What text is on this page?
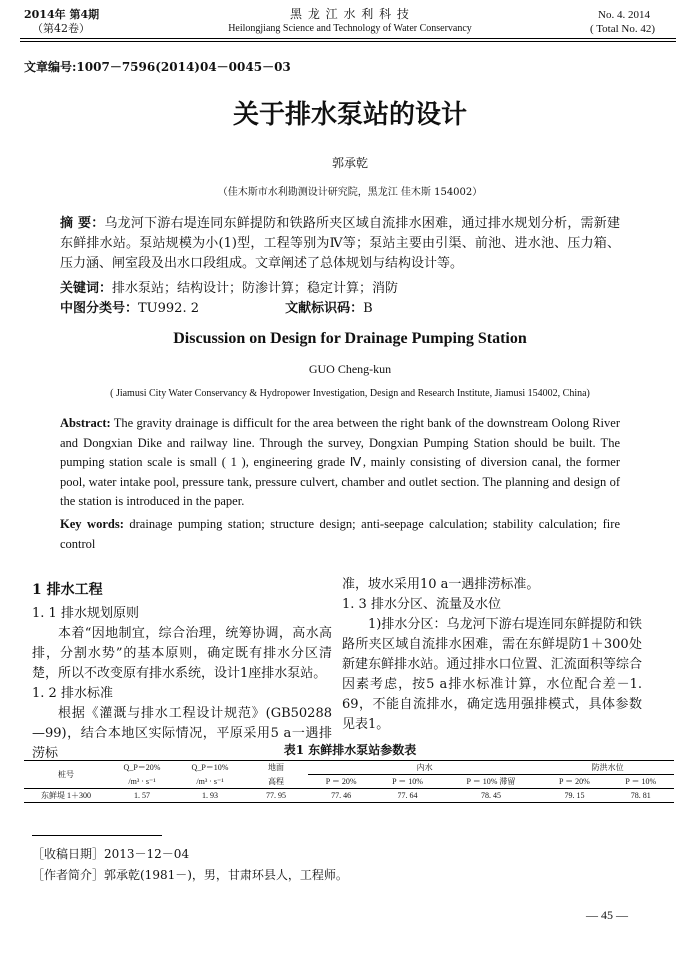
2014年 第4期
（第42卷）
黑 龙 江 水 利 科 技
Heilongjiang Science and Technology of Water Conservancy
No. 4. 2014
( Total No. 42)
文章编号:1007－7596(2014)04－0045－03
关于排水泵站的设计
郭承乾
（佳木斯市水利勘测设计研究院，黑龙江 佳木斯 154002）
摘 要：乌龙河下游右堤连同东鲜提防和铁路所夹区域自流排水困难，通过排水规划分析，需新建东鲜排水站。泵站规模为小(1)型，工程等别为Ⅳ等；泵站主要由引渠、前池、进水池、压力箱、压力涵、闸室段及出水口段组成。文章阐述了总体规划与结构设计等。
关键词：排水泵站；结构设计；防渗计算；稳定计算；消防
中图分类号：TU992. 2	文献标识码：B
Discussion on Design for Drainage Pumping Station
GUO Cheng-kun
( Jiamusi City Water Conservancy & Hydropower Investigation, Design and Research Institute, Jiamusi 154002, China)
Abstract: The gravity drainage is difficult for the area between the right bank of the downstream Oolong River and Dongxian Dike and railway line. Through the survey, Dongxian Pumping Station should be built. The pumping station scale is small ( 1 ), engineering grade Ⅳ, mainly consisting of diversion canal, the former pool, water intake pool, pressure tank, pressure culvert, chamber and outlet section. The planning and design of the station is introduced in the paper.
Key words: drainage pumping station; structure design; anti-seepage calculation; stability calculation; fire control
1 排水工程
1. 1 排水规划原则
本着“因地制宜，综合治理，统筹协调，高水高排，分割水势”的基本原则，确定既有排水分区清楚，所以不改变原有排水系统，设计1座排水泵站。
1. 2 排水标准
根据《灌溉与排水工程设计规范》(GB50288—99)，结合本地区实际情况，平原采用5 a一遇排涝标
准，坡水采用10 a一遇排涝标准。
1. 3 排水分区、流量及水位
1)排水分区：乌龙河下游右堤连同东鲜提防和铁路所夹区域自流排水困难，需在东鲜堤防1＋300处新建东鲜排水站。通过排水口位置、汇流面积等综合因素考虑，按5 a排水标准计算，水位配合差－1. 69，不能自流排水，确定选用强排模式，具体参数见表1。
表1 东鲜排水泵站参数表
桩号	Q_P＝20%	Q_P＝10%	地面	内水			防洪水位	
	/m³ · s⁻¹	/m³ · s⁻¹	高程	P ＝ 20%	P ＝ 10%	P ＝ 10% 滞留	P ＝ 20%	P ＝ 10%
东鲜堤 1＋300	1. 57	1. 93	77. 95	77. 46	77. 64	78. 45	79. 15	78. 81
［收稿日期］2013－12－04
［作者简介］郭承乾(1981－)，男，甘肃环县人，工程师。
— 45 —
